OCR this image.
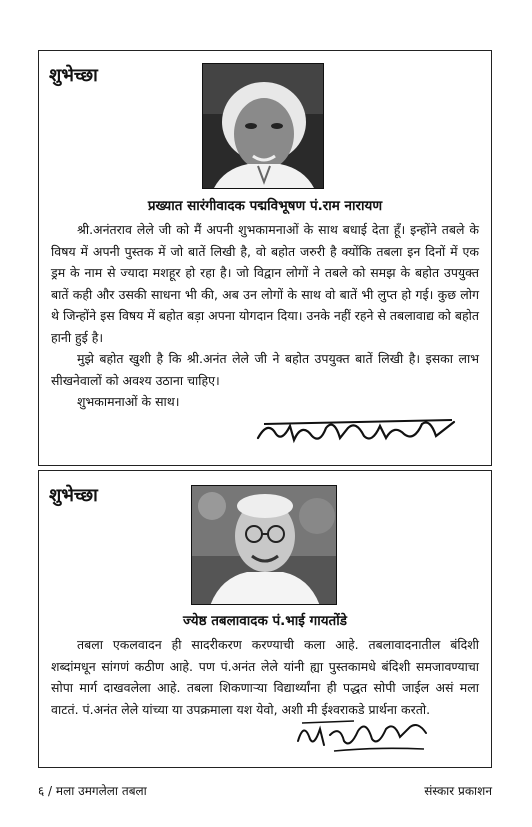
शुभेच्छा
प्रख्यात सारंगीवादक पद्मविभूषण पं.राम नारायण

श्री.अनंतराव लेले जी को मैं अपनी शुभकामनाओं के साथ बधाई देता हूँ। इन्होंने तबले के विषय में अपनी पुस्तक में जो बातें लिखी है, वो बहोत जरुरी है क्योंकि तबला इन दिनों में एक ड्रम के नाम से ज्यादा मशहूर हो रहा है। जो विद्वान लोगों ने तबले को समझ के बहोत उपयुक्त बातें कही और उसकी साधना भी की, अब उन लोगों के साथ वो बातें भी लुप्त हो गई। कुछ लोग थे जिन्होंने इस विषय में बहोत बड़ा अपना योगदान दिया। उनके नहीं रहने से तबलावाद्य को बहोत हानी हुई है।

मुझे बहोत खुशी है कि श्री.अनंत लेले जी ने बहोत उपयुक्त बातें लिखी है। इसका लाभ सीखनेवालों को अवश्य उठाना चाहिए।

शुभकामनाओं के साथ।

शुभेच्छा
ज्येष्ठ तबलावादक पं.भाई गायतोंडे

तबला एकलवादन ही सादरीकरण करण्याची कला आहे. तबलावादनातील बंदिशी शब्दांमधून सांगणं कठीण आहे. पण पं.अनंत लेले यांनी ह्या पुस्तकामधे बंदिशी समजावण्याचा सोपा मार्ग दाखवलेला आहे. तबला शिकणाऱ्या विद्यार्थ्यांना ही पद्धत सोपी जाईल असं मला वाटतं. पं.अनंत लेले यांच्या या उपक्रमाला यश येवो, अशी मी ईश्वराकडे प्रार्थना करतो.

६ / मला उमगलेला तबला	संस्कार प्रकाशन
